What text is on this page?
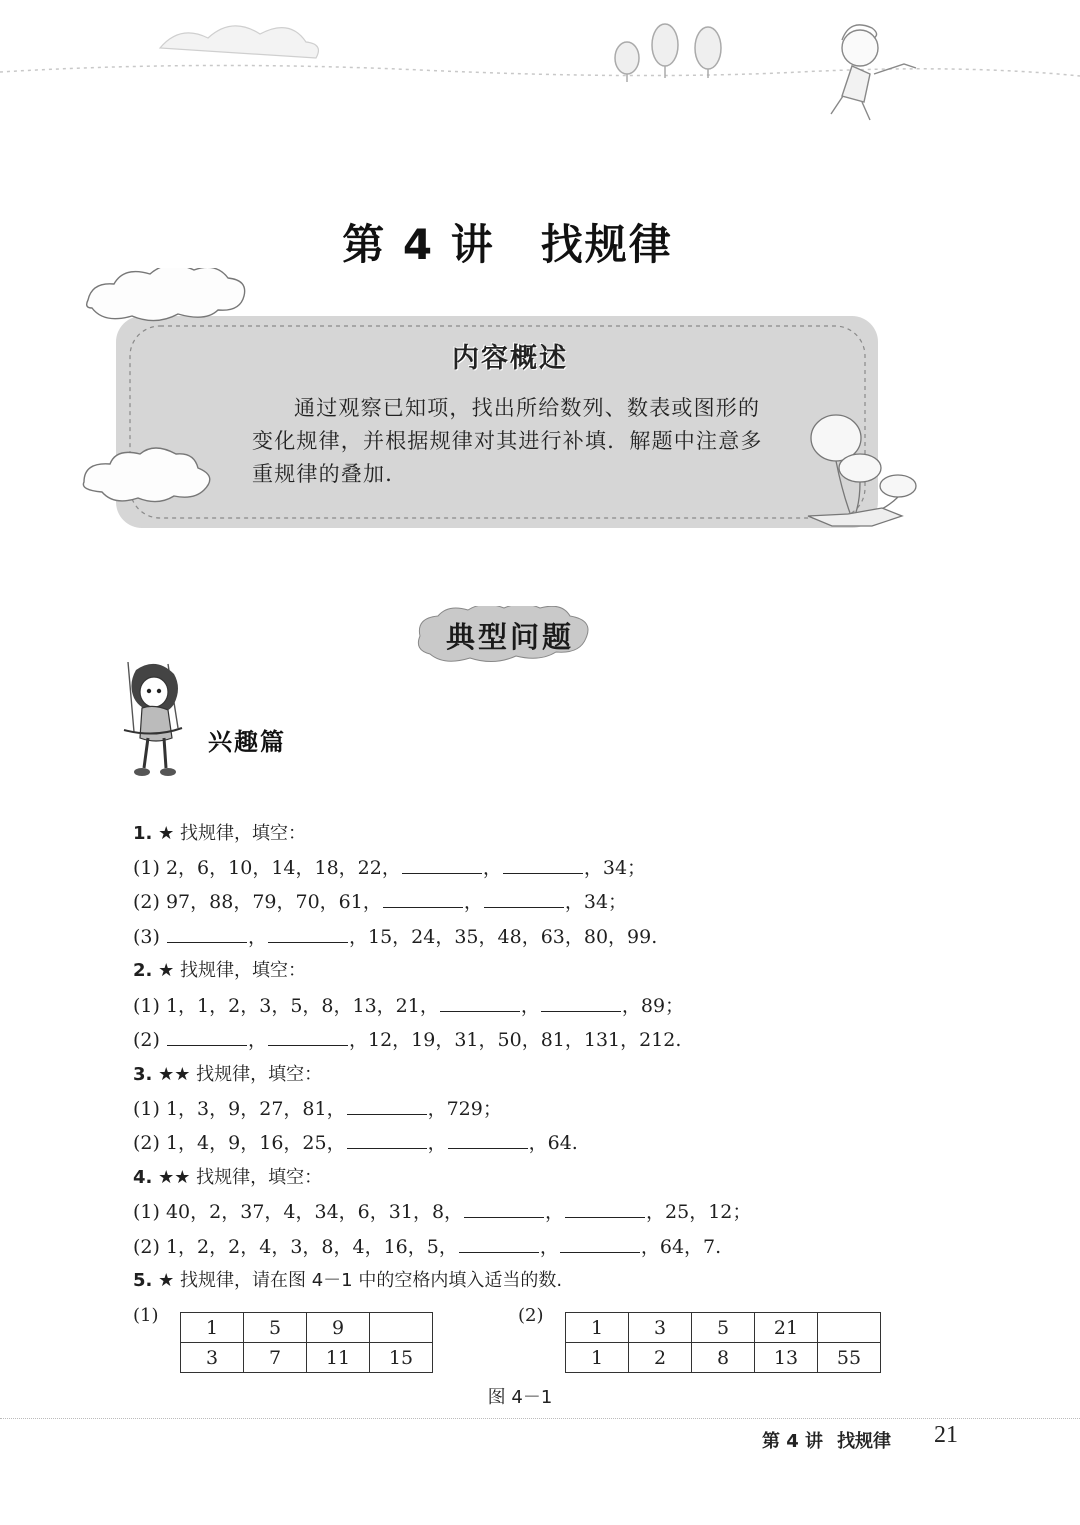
第 4 讲 找规律
内容概述
通过观察已知项，找出所给数列、数表或图形的
变化规律，并根据规律对其进行补填．解题中注意多
重规律的叠加．
典型问题
兴趣篇
1. ★ 找规律，填空：
(1) 2，6，10，14，18，22，	，	，34；
(2) 97，88，79，70，61，	，	，34；
(3)	，	，15，24，35，48，63，80，99.
2. ★ 找规律，填空：
(1) 1，1，2，3，5，8，13，21，	，	，89；
(2)	，	，12，19，31，50，81，131，212.
3. ★★ 找规律，填空：
(1) 1，3，9，27，81，	，729；
(2) 1，4，9，16，25，	，	，64.
4. ★★ 找规律，填空：
(1) 40，2，37，4，34，6，31，8，	，	，25，12；
(2) 1，2，2，4，3，8，4，16，5，	，	，64，7.
5. ★ 找规律，请在图 4－1 中的空格内填入适当的数.
(1)
1	5	9	
3	7	11	15
(2)
1	3	5	21	
1	2	8	13	55
图 4－1
第 4 讲 找规律 21
